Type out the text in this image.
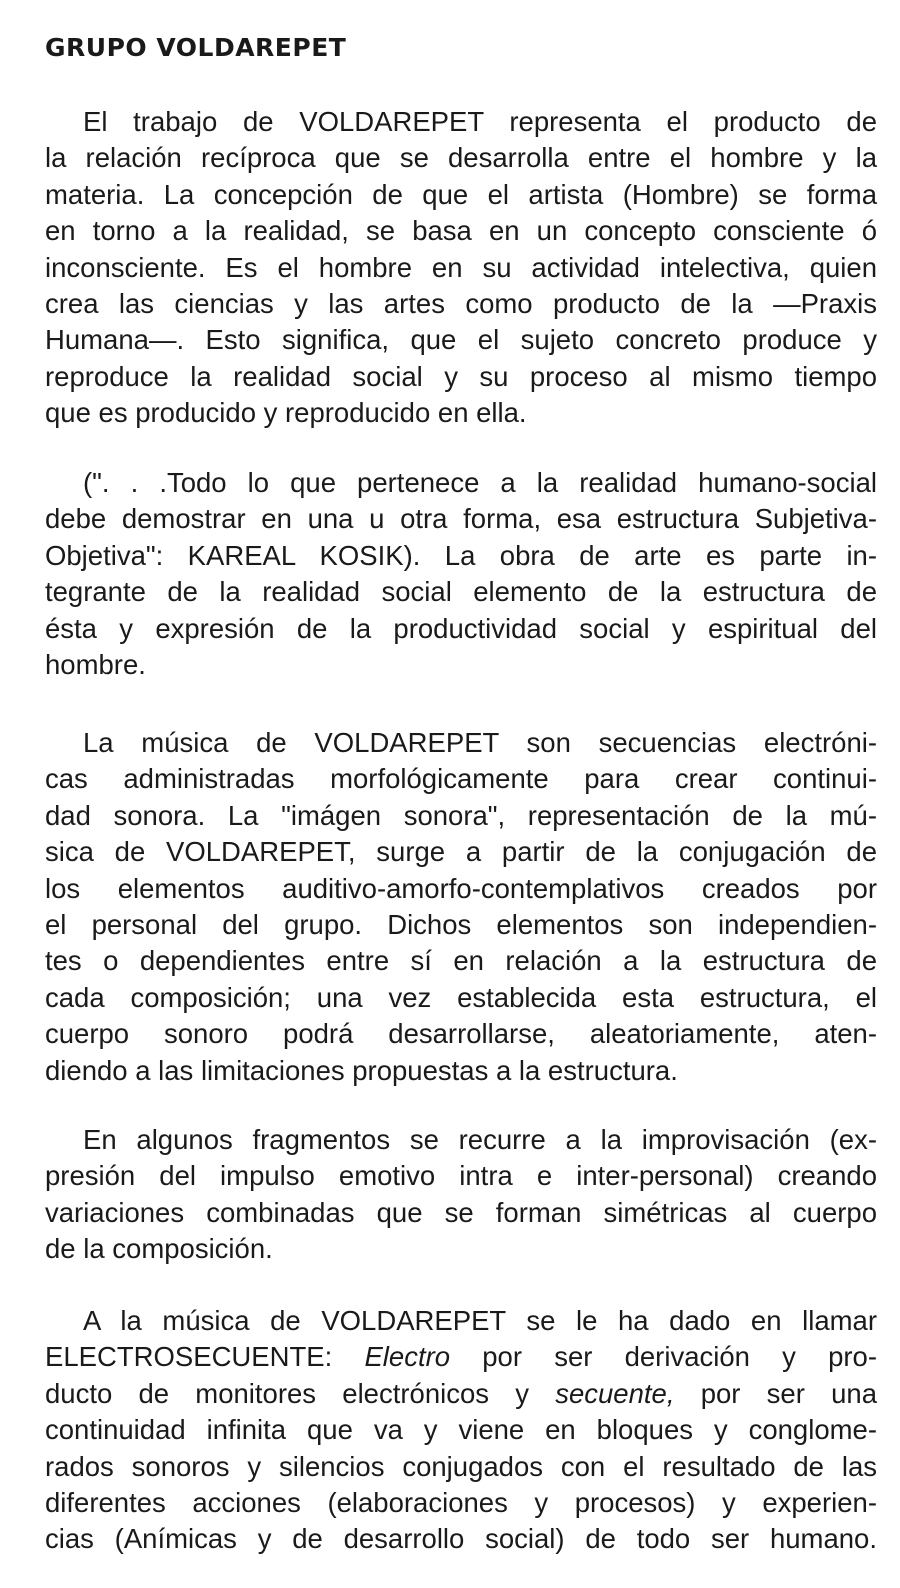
GRUPO VOLDAREPET
El trabajo de VOLDAREPET representa el producto de
la relación recíproca que se desarrolla entre el hombre y la
materia. La concepción de que el artista (Hombre) se forma
en torno a la realidad, se basa en un concepto consciente ó
inconsciente. Es el hombre en su actividad intelectiva, quien
crea las ciencias y las artes como producto de la —Praxis
Humana—. Esto significa, que el sujeto concreto produce y
reproduce la realidad social y su proceso al mismo tiempo
que es producido y reproducido en ella.
(". . .Todo lo que pertenece a la realidad humano-social
debe demostrar en una u otra forma, esa estructura Subjetiva-
Objetiva": KAREAL KOSIK). La obra de arte es parte in-
tegrante de la realidad social elemento de la estructura de
ésta y expresión de la productividad social y espiritual del
hombre.
La música de VOLDAREPET son secuencias electróni-
cas administradas morfológicamente para crear continui-
dad sonora. La "imágen sonora", representación de la mú-
sica de VOLDAREPET, surge a partir de la conjugación de
los elementos auditivo-amorfo-contemplativos creados por
el personal del grupo. Dichos elementos son independien-
tes o dependientes entre sí en relación a la estructura de
cada composición; una vez establecida esta estructura, el
cuerpo sonoro podrá desarrollarse, aleatoriamente, aten-
diendo a las limitaciones propuestas a la estructura.
En algunos fragmentos se recurre a la improvisación (ex-
presión del impulso emotivo intra e inter-personal) creando
variaciones combinadas que se forman simétricas al cuerpo
de la composición.
A la música de VOLDAREPET se le ha dado en llamar
ELECTROSECUENTE: Electro por ser derivación y pro-
ducto de monitores electrónicos y secuente, por ser una
continuidad infinita que va y viene en bloques y conglome-
rados sonoros y silencios conjugados con el resultado de las
diferentes acciones (elaboraciones y procesos) y experien-
cias (Anímicas y de desarrollo social) de todo ser humano.
